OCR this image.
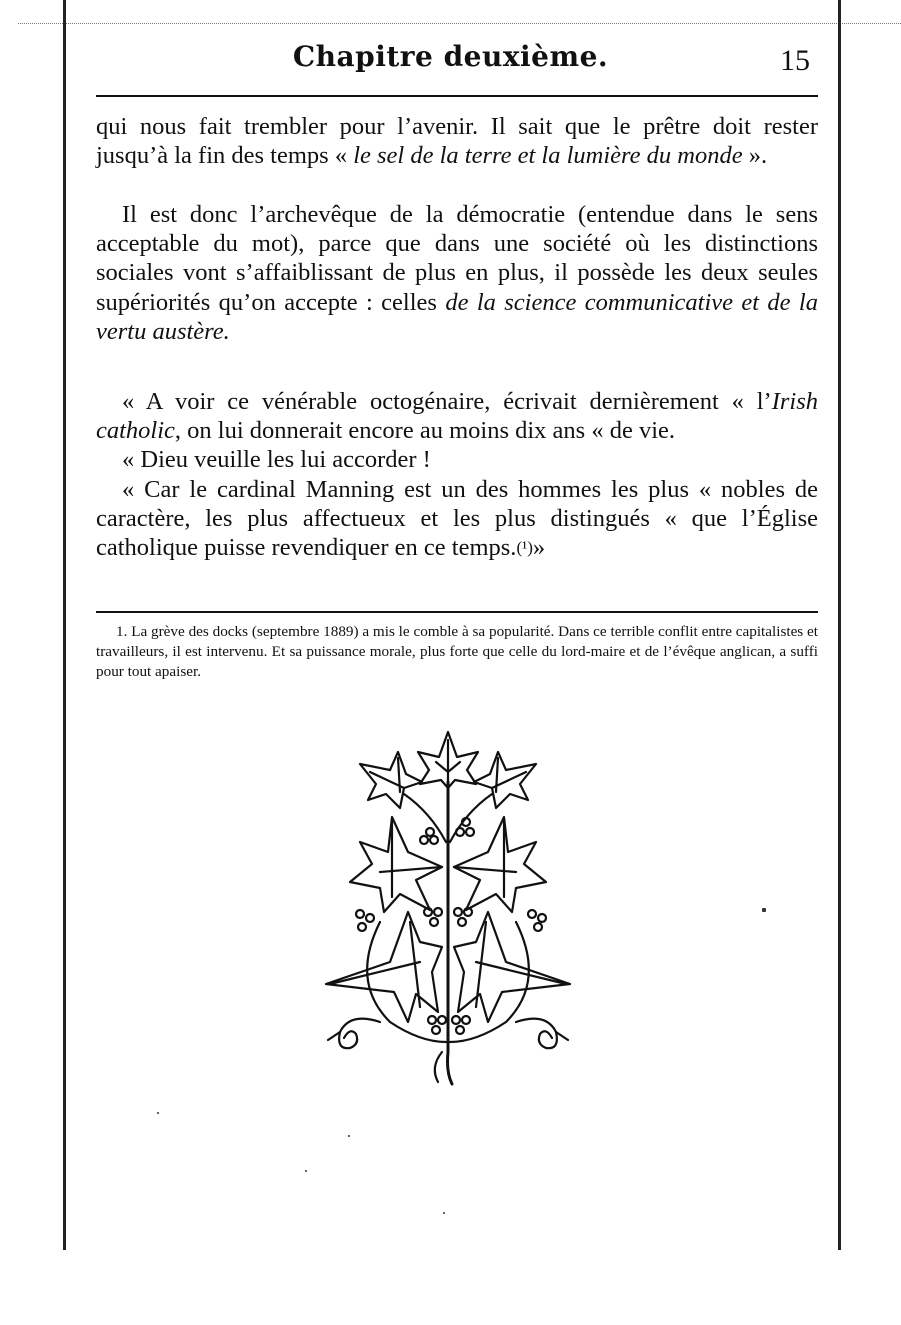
Chapitre deuxième.	15

qui nous fait trembler pour l’avenir. Il sait que le prêtre doit rester jusqu’à la fin des temps « le sel de la terre et la lumière du monde ».

Il est donc l’archevêque de la démocratie (entendue dans le sens acceptable du mot), parce que dans une société où les distinctions sociales vont s’affaiblissant de plus en plus, il possède les deux seules supériorités qu’on accepte : celles de la science communicative et de la vertu austère.

« A voir ce vénérable octogénaire, écrivait dernièrement « l’Irish catholic, on lui donnerait encore au moins dix ans « de vie.

« Dieu veuille les lui accorder !

« Car le cardinal Manning est un des hommes les plus « nobles de caractère, les plus affectueux et les plus distingués « que l’Église catholique puisse revendiquer en ce temps.(¹)»

1. La grève des docks (septembre 1889) a mis le comble à sa popularité. Dans ce terrible conflit entre capitalistes et travailleurs, il est intervenu. Et sa puissance morale, plus forte que celle du lord-maire et de l’évêque anglican, a suffi pour tout apaiser.
